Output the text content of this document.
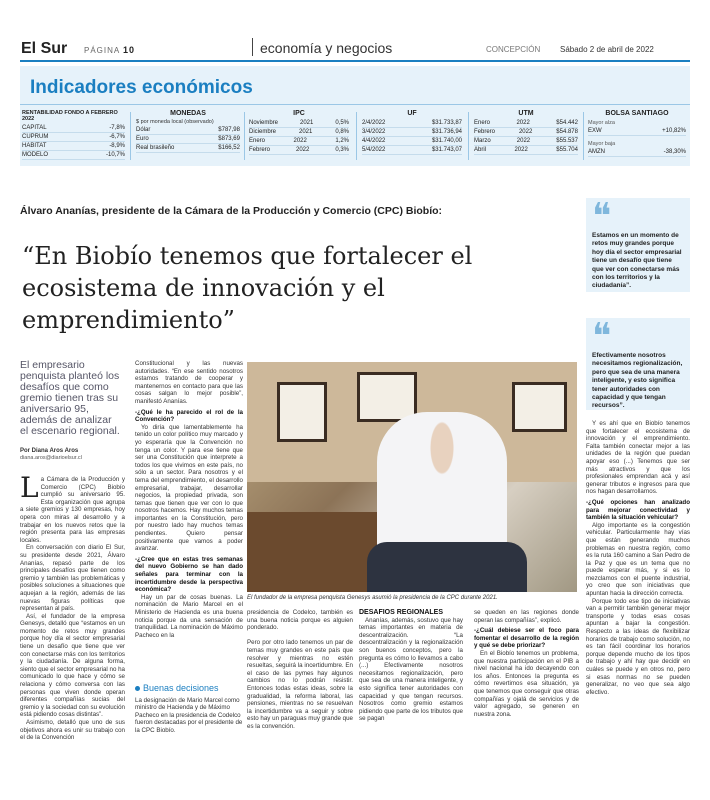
El Sur PÁGINA 10	economía y negocios	CONCEPCIÓN Sábado 2 de abril de 2022
Indicadores económicos
RENTABILIDAD FONDO A FEBRERO 2022
CAPITAL	-7,8%
CUPRUM	-6,7%
HABITAT	-8,9%
MODELO	-10,7%
MONEDAS
$ por moneda local (observado)
Dólar	$787,98
Euro	$873,69
Real brasileño	$166,52
IPC
Noviembre	2021	0,5%
Diciembre	2021	0,8%
Enero	2022	1,2%
Febrero	2022	0,3%
UF
2/4/2022	$31.733,87
3/4/2022	$31.736,94
4/4/2022	$31.740,00
5/4/2022	$31.743,07
UTM
Enero	2022	$54.442
Febrero	2022	$54.878
Marzo	2022	$55.537
Abril	2022	$55.704
BOLSA SANTIAGO
Mayor alza
EXW	+10,82%
Mayor baja
AMZN	-38,30%
Álvaro Ananías, presidente de la Cámara de la Producción y Comercio (CPC) Biobío:
“En Biobío tenemos que fortalecer el ecosistema de innovación y el emprendimiento”
❝
Estamos en un momento de retos muy grandes porque hoy día el sector empresarial tiene un desafío que tiene que ver con conectarse más con los territorios y la ciudadanía”.
❝
Efectivamente nosotros necesitamos regionalización, pero que sea de una manera inteligente, y esto significa tener autoridades con capacidad y que tengan recursos”.
El empresario penquista planteó los desafíos que como gremio tienen tras su aniversario 95, además de analizar el escenario regional.
Por Diana Aros Aros
diana.aros@diarioelsur.cl
La Cámara de la Producción y Comercio (CPC) Biobío cumplió su aniversario 95. Esta organización que agrupa a siete gremios y 130 empresas, hoy opera con miras al desarrollo y a trabajar en los nuevos retos que la región presenta para las empresas locales.
En conversación con diario El Sur, su presidente desde 2021, Álvaro Ananías, repasó parte de los principales desafíos que tienen como gremio y también las problemáticas y posibles soluciones a situaciones que aquejan a la región, además de las nuevas figuras políticas que representan al país.
Así, el fundador de la empresa Genesys, detalló que “estamos en un momento de retos muy grandes porque hoy día el sector empresarial tiene un desafío que tiene que ver con conectarse más con los territorios y la ciudadanía. De alguna forma, siento que el sector empresarial no ha comunicado lo que hace y cómo se relaciona y cómo conversa con las personas que viven donde operan diferentes compañías sucias del gremio y la sociedad con su evolución está pidiendo cosas distintas”.
Asimismo, detalló que uno de sus objetivos ahora es unir su trabajo con el de la Convención
Constitucional y las nuevas autoridades. “En ese sentido nosotros estamos tratando de cooperar y mantenernos en contacto para que las cosas salgan lo mejor posible”, manifestó Ananías.
-¿Qué le ha parecido el rol de la Convención?
Yo diría que lamentablemente ha tenido un color político muy marcado y yo esperaría que la Convención no tenga un color. Y para ese tiene que ser una Constitución que interprete a todos los que vivimos en este país, no sólo a un sector. Para nosotros y el tema del emprendimiento, el desarrollo empresarial, trabajar, desarrollar negocios, la propiedad privada, son temas que tienen que ver con lo que nosotros hacemos. Hay muchos temas importantes en la Constitución, pero por nuestro lado hay muchos temas pendientes. Quiero pensar positivamente que vamos a poder avanzar.
-¿Cree que en estas tres semanas del nuevo Gobierno se han dado señales para terminar con la incertidumbre desde la perspectiva económica?
Hay un par de cosas buenas. La nominación de Mario Marcel en el Ministerio de Hacienda es una buena noticia porque da una sensación de tranquilidad. La nominación de Máximo Pacheco en la
Buenas decisiones
La designación de Mario Marcel como ministro de Hacienda y de Máximo Pacheco en la presidencia de Codelco fueron destacadas por el presidente de la CPC Biobío.
El fundador de la empresa penquista Genesys asumió la presidencia de la CPC durante 2021.
presidencia de Codelco, también es una buena noticia porque es alguien ponderado.

Pero por otro lado tenemos un par de temas muy grandes en este país que resolver y mientras no estén resueltas, seguirá la incertidumbre. En el caso de las pymes hay algunos cambios no lo podrán resistir. Entonces todas estas ideas, sobre la gradualidad, la reforma laboral, las pensiones, mientras no se resuelvan la incertidumbre va a seguir y sobre esto hay un paraguas muy grande que es la convención.
DESAFÍOS REGIONALES
Ananías, además, sostuvo que hay temas importantes en materia de descentralización. “La descentralización y la regionalización son buenos conceptos, pero la pregunta es cómo lo llevamos a cabo (...) Efectivamente nosotros necesitamos regionalización, pero que sea de una manera inteligente, y esto significa tener autoridades con capacidad y que tengan recursos. Nosotros como gremio estamos pidiendo que parte de los tributos que se pagan
se queden en las regiones donde operan las compañías”, explicó.
-¿Cuál debiese ser el foco para fomentar el desarrollo de la región y qué se debe priorizar?
En el Biobío tenemos un problema, que nuestra participación en el PIB a nivel nacional ha ido decayendo con los años. Entonces la pregunta es cómo revertimos esa situación, ya que tenemos que conseguir que otras compañías y ojalá de servicios y de valor agregado, se generen en nuestra zona.
Y es ahí que en Biobío tenemos que fortalecer el ecosistema de innovación y el emprendimiento. Falta también conectar mejor a las unidades de la región que puedan apoyar eso (...) Tenemos que ser más atractivos y que los profesionales emprendan acá y así generar tributos e ingresos para que nos hagan desarrollarnos.
-¿Qué opciones han analizado para mejorar conectividad y también la situación vehicular?
Algo importante es la congestión vehicular. Particularmente hay vías que están generando muchos problemas en nuestra región, como es la ruta 160 camino a San Pedro de la Paz y que es un tema que no puede esperar más, y si es lo mezclamos con el puente industrial, yo creo que son iniciativas que apuntan hacia la dirección correcta.
Porque todo ese tipo de iniciativas van a permitir también generar mejor transporte y todas esas cosas apuntan a bajar la congestión. Respecto a las ideas de flexibilizar horarios de trabajo como solución, no es tan fácil coordinar los horarios porque depende mucho de los tipos de trabajo y ahí hay que decidir en cuáles se puede y en otros no, pero si esas normas no se pueden generalizar, no veo que sea algo efectivo.
